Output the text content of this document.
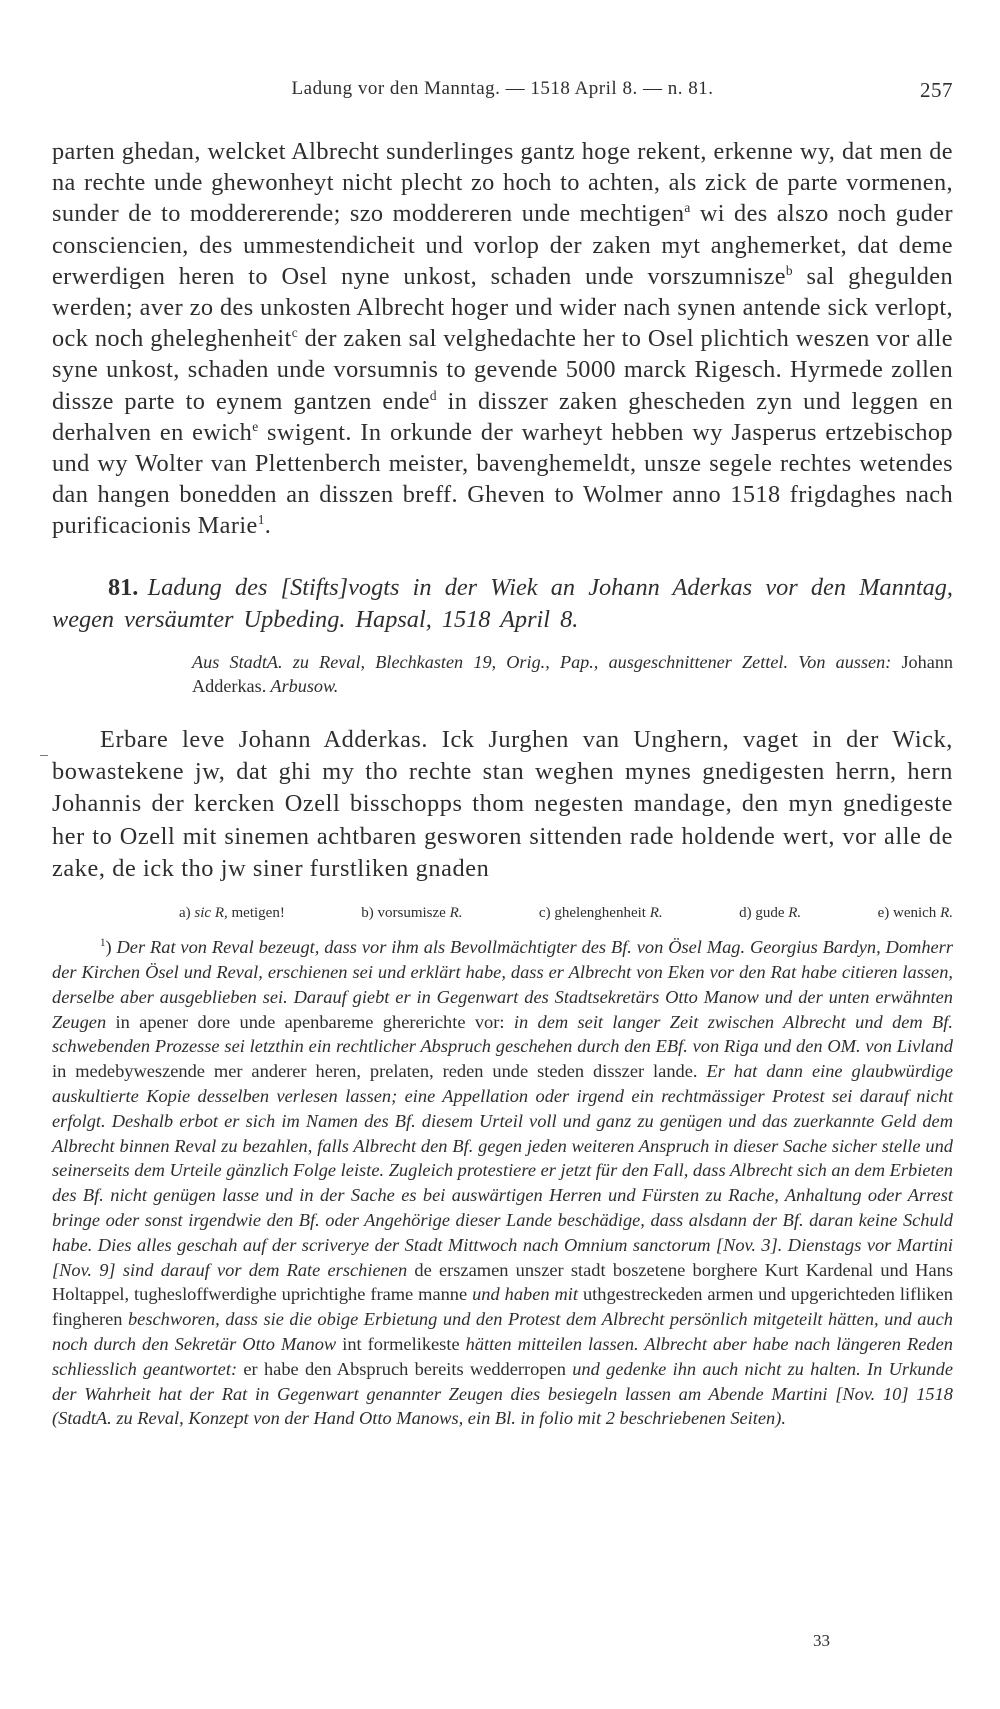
Ladung vor den Manntag. — 1518 April 8. — n. 81.	257
parten ghedan, welcket Albrecht sunderlinges gantz hoge rekent, erkenne wy, dat men de na rechte unde ghewonheyt nicht plecht zo hoch to achten, als zick de parte vormenen, sunder de to moddererende; szo moddereren unde mechtigen$^a$ wi des alszo noch guder consciencien, des ummestendicheit und vorlop der zaken myt anghemerket, dat deme erwerdigen heren to Osel nyne unkost, schaden unde vorszumnisze$^b$ sal ghegulden werden; aver zo des unkosten Albrecht hoger und wider nach synen antende sick verlopt, ock noch gheleghenheit$^c$ der zaken sal velghedachte her to Osel plichtich weszen vor alle syne unkost, schaden unde vorsumnis to gevende 5000 marck Rigesch. Hyrmede zollen dissze parte to eynem gantzen ende$^d$ in disszer zaken ghescheden zyn und leggen en derhalven en ewich$^e$ swigent. In orkunde der warheyt hebben wy Jasperus ertzebischop und wy Wolter van Plettenberch meister, bavenghemeldt, unsze segele rechtes wetendes dan hangen bonedden an disszen breff. Gheven to Wolmer anno 1518 frigdaghes nach purificacionis Marie$^1$.
81. Ladung des [Stifts]vogts in der Wiek an Johann Aderkas vor den Manntag, wegen versäumter Upbeding. Hapsal, 1518 April 8.
Aus StadtA. zu Reval, Blechkasten 19, Orig., Pap., ausgeschnittener Zettel. Von aussen: Johann Adderkas. Arbusow.
Erbare leve Johann Adderkas. Ick Jurghen van Unghern, vaget in der Wick, bowastekene jw, dat ghi my tho rechte stan weghen mynes gnedigesten herrn, hern Johannis der kercken Ozell bisschopps thom negesten mandage, den myn gnedigeste her to Ozell mit sinemen achtbaren gesworen sittenden rade holdende wert, vor alle de zake, de ick tho jw siner furstliken gnaden
a) sic R, metigen!	b) vorsumisze R.	c) ghelenghenheit R.	d) gude R.	e) wenich R.
$^1$) Der Rat von Reval bezeugt, dass vor ihm als Bevollmächtigter des Bf. von Ösel Mag. Georgius Bardyn, Domherr der Kirchen Ösel und Reval, erschienen sei und erklärt habe, dass er Albrecht von Eken vor den Rat habe citieren lassen, derselbe aber ausgeblieben sei. Darauf giebt er in Gegenwart des Stadtsekretärs Otto Manow und der unten erwähnten Zeugen in apener dore unde apenbareme ghererichte vor: in dem seit langer Zeit zwischen Albrecht und dem Bf. schwebenden Prozesse sei letzthin ein rechtlicher Abspruch geschehen durch den EBf. von Riga und den OM. von Livland in medebyweszende mer anderer heren, prelaten, reden unde steden disszer lande. Er hat dann eine glaubwürdige auskultierte Kopie desselben verlesen lassen; eine Appellation oder irgend ein rechtmässiger Protest sei darauf nicht erfolgt. Deshalb erbot er sich im Namen des Bf. diesem Urteil voll und ganz zu genügen und das zuerkannte Geld dem Albrecht binnen Reval zu bezahlen, falls Albrecht den Bf. gegen jeden weiteren Anspruch in dieser Sache sicher stelle und seinerseits dem Urteile gänzlich Folge leiste. Zugleich protestiere er jetzt für den Fall, dass Albrecht sich an dem Erbieten des Bf. nicht genügen lasse und in der Sache es bei auswärtigen Herren und Fürsten zu Rache, Anhaltung oder Arrest bringe oder sonst irgendwie den Bf. oder Angehörige dieser Lande beschädige, dass alsdann der Bf. daran keine Schuld habe. Dies alles geschah auf der scriverye der Stadt Mittwoch nach Omnium sanctorum [Nov. 3]. Dienstags vor Martini [Nov. 9] sind darauf vor dem Rate erschienen de erszamen unszer stadt boszetene borghere Kurt Kardenal und Hans Holtappel, tughesloffwerdighe uprichtighe frame manne und haben mit uthgestreckeden armen und upgerichteden lifliken fingheren beschworen, dass sie die obige Erbietung und den Protest dem Albrecht persönlich mitgeteilt hätten, und auch noch durch den Sekretär Otto Manow int formelikeste hätten mitteilen lassen. Albrecht aber habe nach längeren Reden schliesslich geantwortet: er habe den Abspruch bereits wedderropen und gedenke ihn auch nicht zu halten. In Urkunde der Wahrheit hat der Rat in Gegenwart genannter Zeugen dies besiegeln lassen am Abende Martini [Nov. 10] 1518 (StadtA. zu Reval, Konzept von der Hand Otto Manows, ein Bl. in folio mit 2 beschriebenen Seiten).
33
